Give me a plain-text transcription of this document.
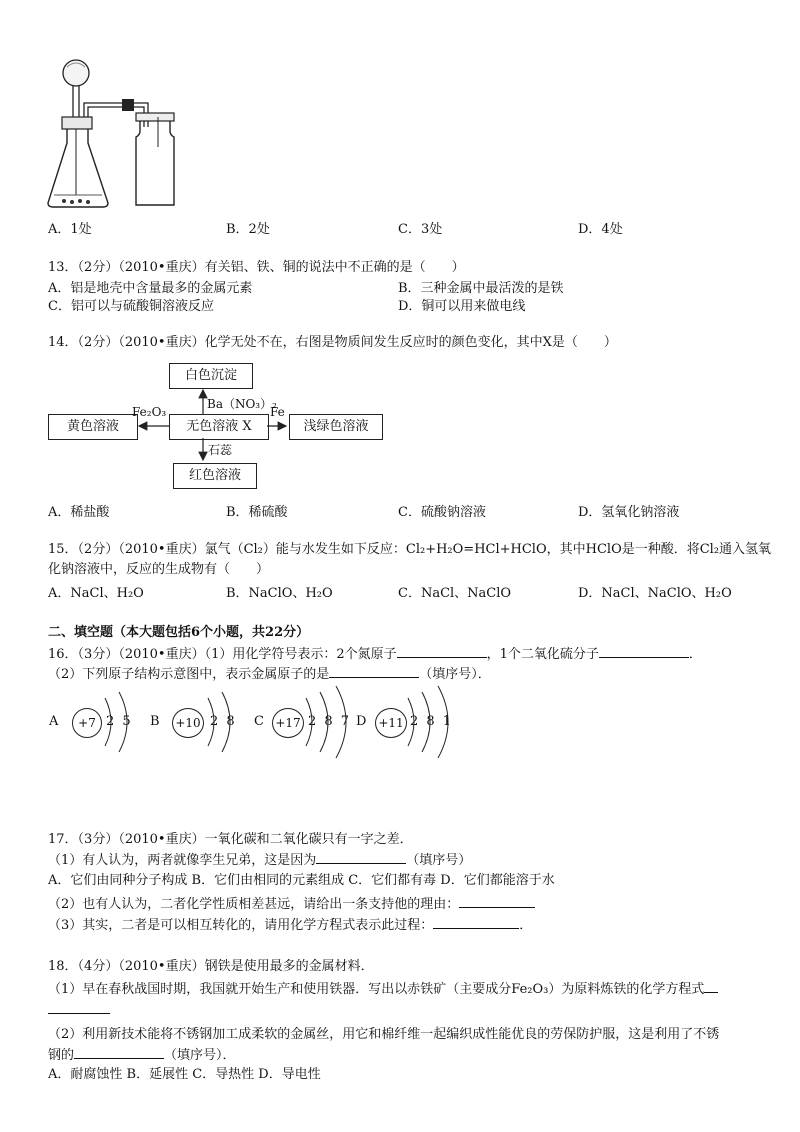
A．1处	B．2处	C．3处	D．4处
13．（2分）（2010•重庆）有关铝、铁、铜的说法中不正确的是（　　）
A．铝是地壳中含量最多的金属元素	B．三种金属中最活泼的是铁
C．铝可以与硫酸铜溶液反应	D．铜可以用来做电线
14．（2分）（2010•重庆）化学无处不在，右图是物质间发生反应时的颜色变化，其中X是（　　）
白色沉淀
无色溶液 X
黄色溶液	浅绿色溶液
红色溶液
Ba（NO₃）₂
Fe₂O₃	Fe
石蕊
A．稀盐酸	B．稀硫酸	C．硫酸钠溶液	D．氢氧化钠溶液
15．（2分）（2010•重庆）氯气（Cl₂）能与水发生如下反应：Cl₂+H₂O=HCl+HClO，其中HClO是一种酸．将Cl₂通入氢氧
化钠溶液中，反应的生成物有（　　）
A．NaCl、H₂O	B．NaClO、H₂O	C．NaCl、NaClO	D．NaCl、NaClO、H₂O
二、填空题（本大题包括6个小题，共22分）
16．（3分）（2010•重庆）（1）用化学符号表示：2个氮原子	，1个二氧化硫分子	．
（2）下列原子结构示意图中，表示金属原子的是	（填序号）．
A	+7 2 5 B +10 2 8 C +17 2 8 7 D +11 2 8 1
17．（3分）（2010•重庆）一氧化碳和二氧化碳只有一字之差．
（1）有人认为，两者就像孪生兄弟，这是因为	（填序号）
A．它们由同种分子构成 B．它们由相同的元素组成 C．它们都有毒 D．它们都能溶于水
（2）也有人认为，二者化学性质相差甚远，请给出一条支持他的理由：
（3）其实，二者是可以相互转化的，请用化学方程式表示此过程：	．
18．（4分）（2010•重庆）钢铁是使用最多的金属材料．
（1）早在春秋战国时期，我国就开始生产和使用铁器．写出以赤铁矿（主要成分Fe₂O₃）为原料炼铁的化学方程式
（2）利用新技术能将不锈钢加工成柔软的金属丝，用它和棉纤维一起编织成性能优良的劳保防护服，这是利用了不锈
钢的	（填序号）．
A．耐腐蚀性 B．延展性 C．导热性 D．导电性
